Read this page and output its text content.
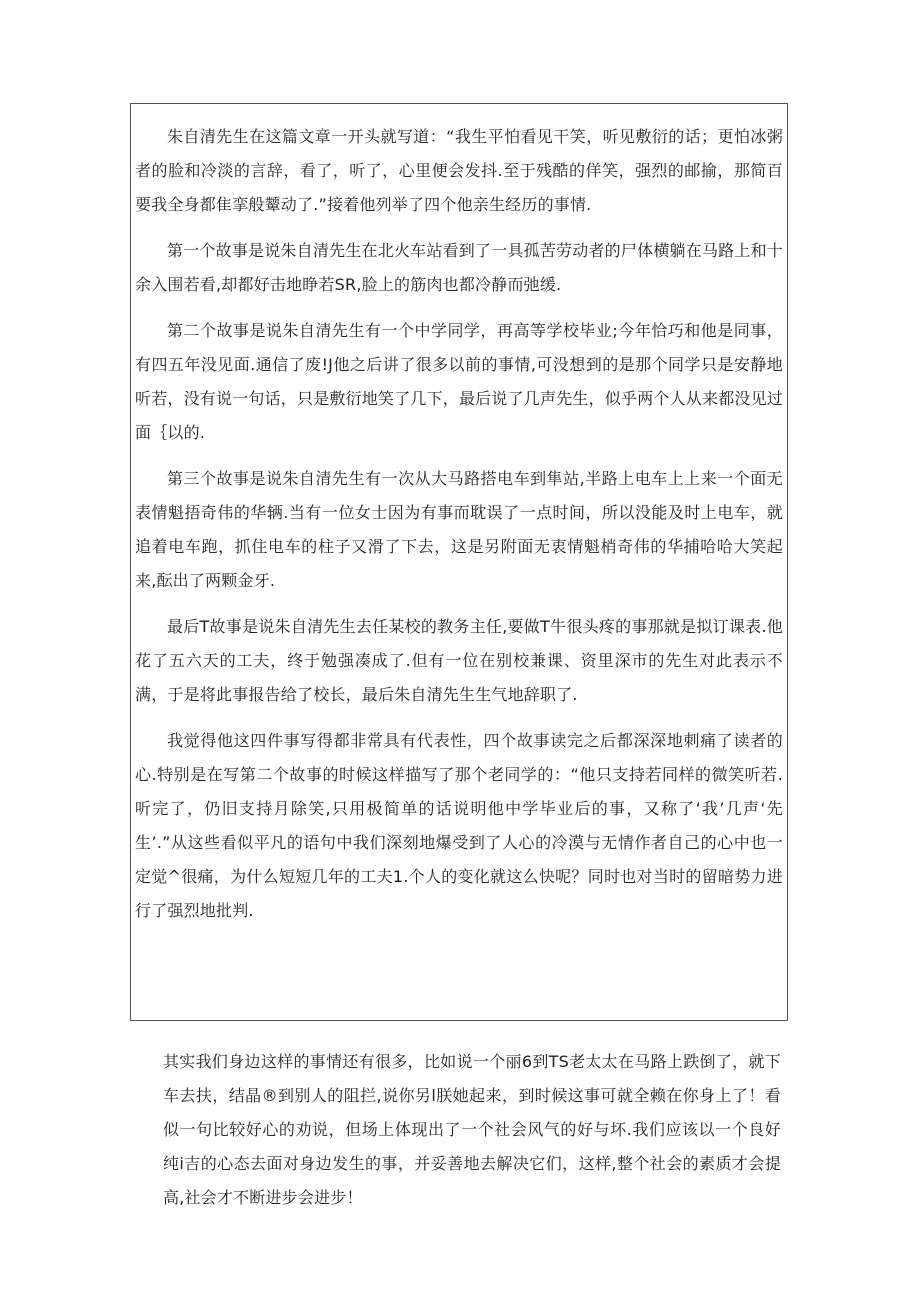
朱自清先生在这篇文章一开头就写道：“我生平怕看见干笑，听见敷衍的话；更怕冰粥者的脸和冷淡的言辞，看了，听了，心里便会发抖.至于残酷的佯笑，强烈的邮揄，那简百要我全身都隹挛般颦动了.”接着他列举了四个他亲生经历的事情.

第一个故事是说朱自清先生在北火车站看到了一具孤苦劳动者的尸体横躺在马路上和十余入围若看,却都好击地睁若SR,脸上的筋肉也都冷静而弛缓.

第二个故事是说朱自清先生有一个中学同学，再高等学校毕业;今年恰巧和他是同事，有四五年没见面.通信了废!J他之后讲了很多以前的事情,可没想到的是那个同学只是安静地听若，没有说一句话，只是敷衍地笑了几下，最后说了几声先生，似乎两个人从来都没见过面｛以的.

第三个故事是说朱自清先生有一次从大马路搭电车到隼站,半路上电车上上来一个面无表情魁捂奇伟的华辆.当有一位女士因为有事而耽误了一点时间，所以没能及时上电车，就追着电车跑，抓住电车的柱子又滑了下去，这是另附面无衷情魁梢奇伟的华捕哈哈大笑起来,酝出了两颗金牙.

最后T故事是说朱自清先生去任某校的教务主任,要做T牛很头疼的事那就是拟订课表.他花了五六天的工夫，终于勉强凑成了.但有一位在别校兼课、资里深市的先生对此表示不满，于是将此事报告给了校长，最后朱自清先生生气地辞职了.

我觉得他这四件事写得都非常具有代表性，四个故事读完之后都深深地刺痛了读者的心.特别是在写第二个故事的时候这样描写了那个老同学的：“他只支持若同样的微笑听若.听完了，仍旧支持月除笑,只用极简单的话说明他中学毕业后的事，又称了‘我’几声‘先生’.”从这些看似平凡的语句中我们深刻地爆受到了人心的冷漠与无情作者自己的心中也一定觉^很痛，为什么短短几年的工夫1.个人的变化就这么快呢？同时也对当时的留暗势力进行了强烈地批判.

其实我们身边这样的事情还有很多，比如说一个丽6到TS老太太在马路上跌倒了，就下车去扶，结晶®到别人的阻拦,说你另l朕她起来，到时候这事可就全赖在你身上了！看似一句比较好心的劝说，但场上体现出了一个社会风气的好与坏.我们应该以一个良好纯i吉的心态去面对身边发生的事，并妥善地去解决它们，这样,整个社会的素质才会提高,社会才不断进步会进步！
